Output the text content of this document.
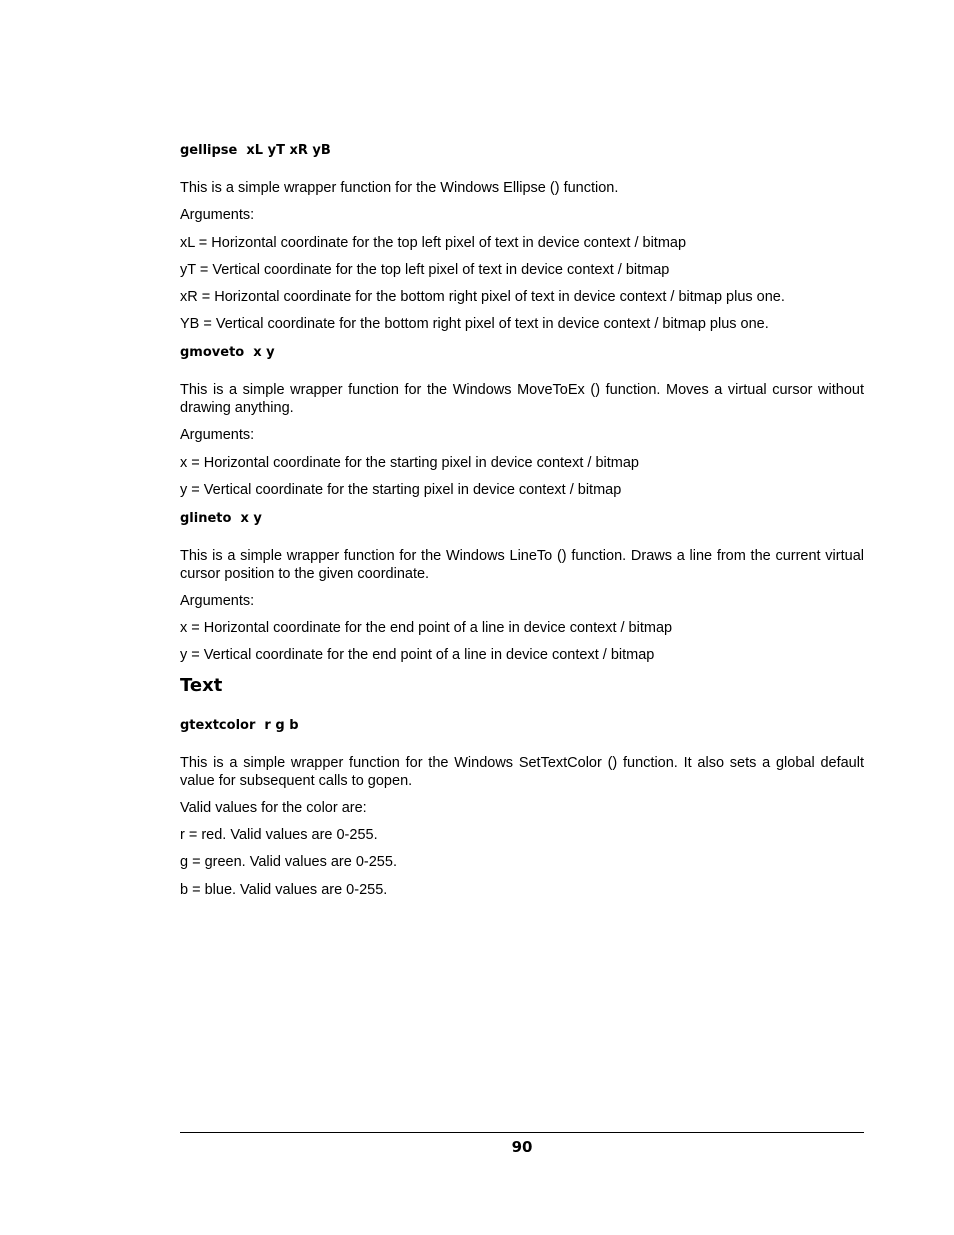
gellipse  xL yT xR yB

This is a simple wrapper function for the Windows Ellipse () function.

Arguments:

xL = Horizontal coordinate for the top left pixel of text in device context / bitmap

yT = Vertical coordinate for the top left pixel of text in device context / bitmap

xR = Horizontal coordinate for the bottom right pixel of text in device context / bitmap plus one.

YB = Vertical coordinate for the bottom right pixel of text in device context / bitmap plus one.

gmoveto  x y

This is a simple wrapper function for the Windows MoveToEx () function. Moves a virtual cursor without drawing anything.

Arguments:

x = Horizontal coordinate for the starting pixel in device context / bitmap

y = Vertical coordinate for the starting pixel in device context / bitmap

glineto  x y

This is a simple wrapper function for the Windows LineTo () function. Draws a line from the current virtual cursor position to the given coordinate.

Arguments:

x = Horizontal coordinate for the end point of a line in device context / bitmap

y = Vertical coordinate for the end point of a line in device context / bitmap

Text

gtextcolor  r g b

This is a simple wrapper function for the Windows SetTextColor () function. It also sets a global default value for subsequent calls to gopen.

Valid values for the color are:

r = red. Valid values are 0-255.

g = green. Valid values are 0-255.

b = blue. Valid values are 0-255.

90
